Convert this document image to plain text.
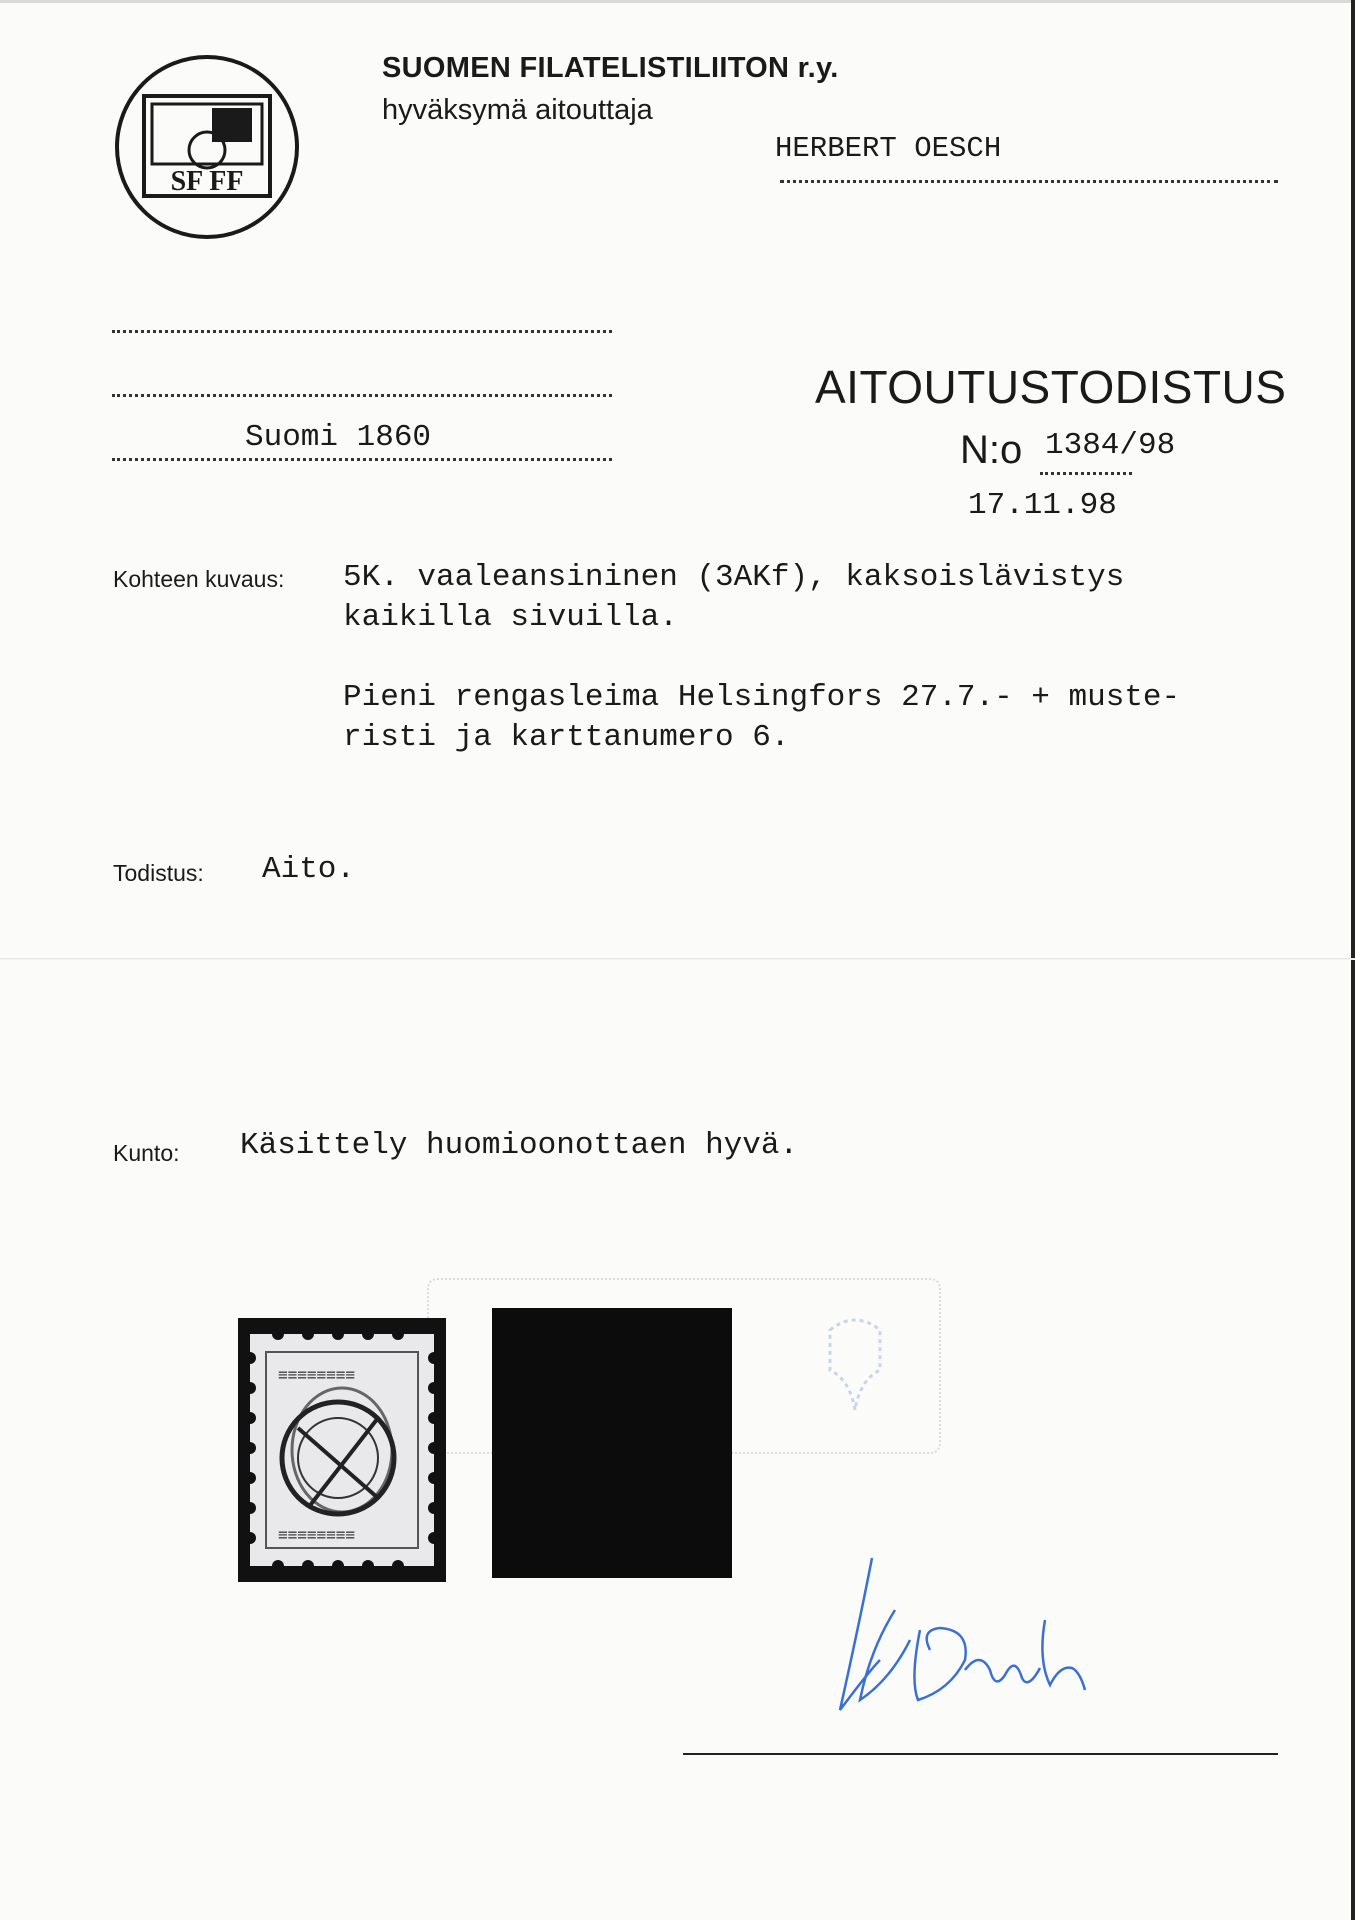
SF FF
SUOMEN FILATELISTILIITON r.y.
hyväksymä aitouttaja
HERBERT OESCH
Suomi 1860
AITOUTUSTODISTUS
N:o 1384/98
17.11.98
Kohteen kuvaus: 5K. vaaleansininen (3AKf), kaksoislävistys
kaikilla sivuilla.
Pieni rengasleima Helsingfors 27.7.- + muste-
risti ja karttanumero 6.
Todistus: Aito.
Kunto: Käsittely huomioonottaen hyvä.
≡≡≡≡≡≡≡≡
≡≡≡≡≡≡≡≡
